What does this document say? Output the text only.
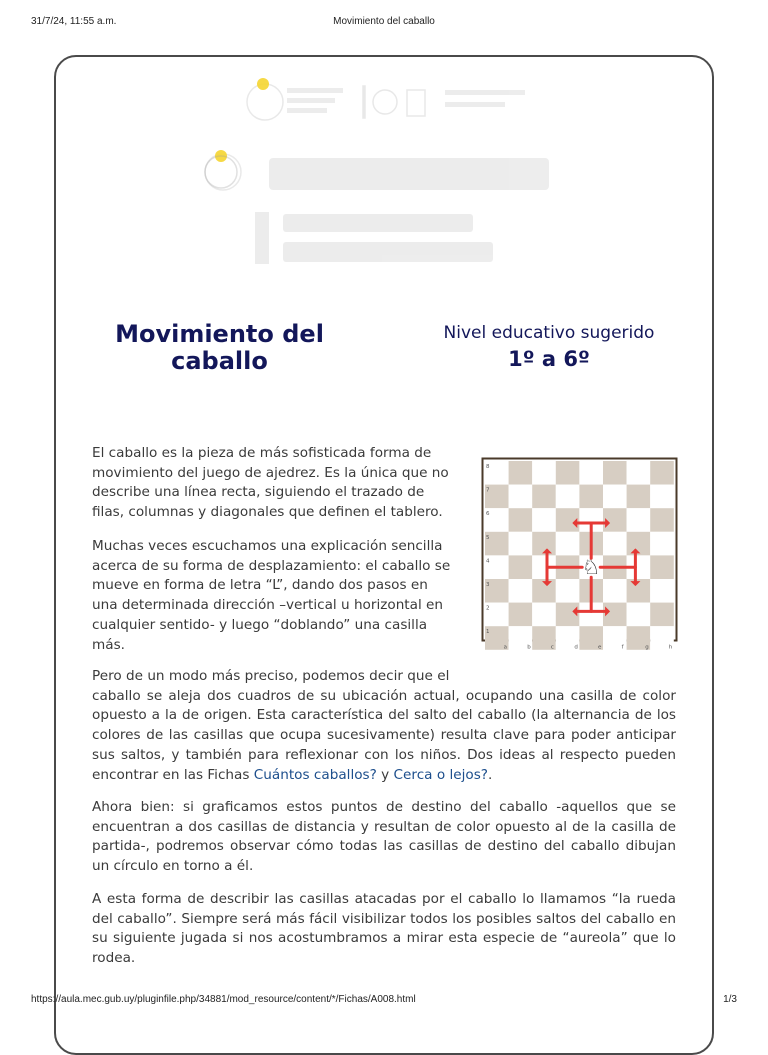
31/7/24, 11:55 a.m.	Movimiento del caballo
Movimiento del caballo
Nivel educativo sugerido
1º a 6º

El caballo es la pieza de más sofisticada forma de movimiento del juego de ajedrez. Es la única que no describe una línea recta, siguiendo el trazado de filas, columnas y diagonales que definen el tablero.

Muchas veces escuchamos una explicación sencilla acerca de su forma de desplazamiento: el caballo se mueve en forma de letra “L”, dando dos pasos en una determinada dirección –vertical u horizontal en cualquier sentido- y luego “doblando” una casilla más.

8
7
6
5
4
3
2
1
a	b	c	d	e	f	g	h
♘

Pero de un modo más preciso, podemos decir que el
caballo se aleja dos cuadros de su ubicación actual, ocupando una casilla de color opuesto a la de origen. Esta característica del salto del caballo (la alternancia de los colores de las casillas que ocupa sucesivamente) resulta clave para poder anticipar sus saltos, y también para reflexionar con los niños. Dos ideas al respecto pueden encontrar en las Fichas Cuántos caballos? y Cerca o lejos?.

Ahora bien: si graficamos estos puntos de destino del caballo -aquellos que se encuentran a dos casillas de distancia y resultan de color opuesto al de la casilla de partida-, podremos observar cómo todas las casillas de destino del caballo dibujan un círculo en torno a él.

A esta forma de describir las casillas atacadas por el caballo lo llamamos “la rueda del caballo”. Siempre será más fácil visibilizar todos los posibles saltos del caballo en su siguiente jugada si nos acostumbramos a mirar esta especie de “aureola” que lo rodea.

https://aula.mec.gub.uy/pluginfile.php/34881/mod_resource/content/*/Fichas/A008.html	1/3
